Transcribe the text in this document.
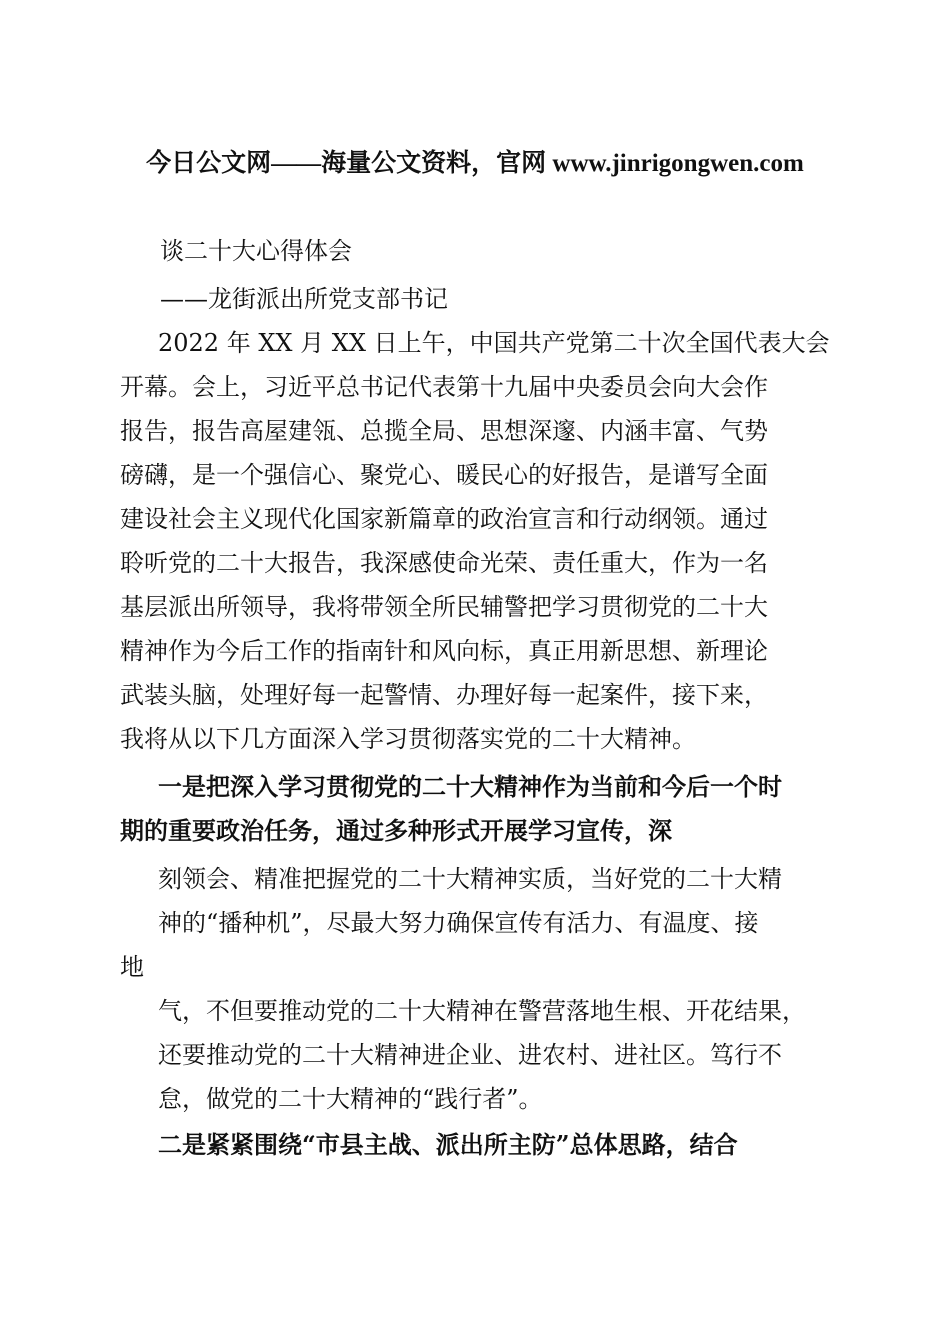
今日公文网——海量公文资料，官网 www.jinrigongwen.com
谈二十大心得体会
——龙街派出所党支部书记
2022 年 XX 月 XX 日上午，中国共产党第二十次全国代表大会
开幕。会上，习近平总书记代表第十九届中央委员会向大会作
报告，报告高屋建瓴、总揽全局、思想深邃、内涵丰富、气势
磅礴，是一个强信心、聚党心、暖民心的好报告，是谱写全面
建设社会主义现代化国家新篇章的政治宣言和行动纲领。通过
聆听党的二十大报告，我深感使命光荣、责任重大，作为一名
基层派出所领导，我将带领全所民辅警把学习贯彻党的二十大
精神作为今后工作的指南针和风向标，真正用新思想、新理论
武装头脑，处理好每一起警情、办理好每一起案件，接下来，
我将从以下几方面深入学习贯彻落实党的二十大精神。
一是把深入学习贯彻党的二十大精神作为当前和今后一个时
期的重要政治任务，通过多种形式开展学习宣传，深
刻领会、精准把握党的二十大精神实质，当好党的二十大精
神的“播种机”，尽最大努力确保宣传有活力、有温度、接
地
气，不但要推动党的二十大精神在警营落地生根、开花结果，
还要推动党的二十大精神进企业、进农村、进社区。笃行不
怠，做党的二十大精神的“践行者”。
二是紧紧围绕“市县主战、派出所主防”总体思路，结合
